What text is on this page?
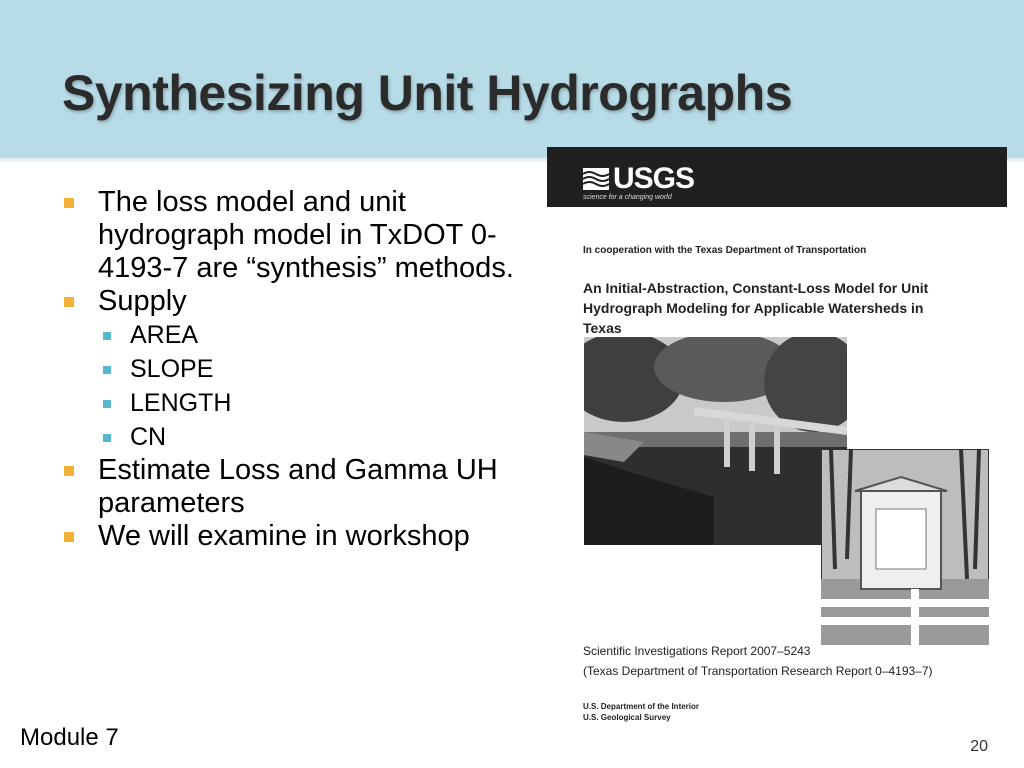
Synthesizing Unit Hydrographs
The loss model and unit hydrograph model in TxDOT 0-4193-7 are “synthesis” methods.
Supply
AREA
SLOPE
LENGTH
CN
Estimate Loss and Gamma UH parameters
We will examine in workshop
USGS
science for a changing world
In cooperation with the Texas Department of Transportation
An Initial-Abstraction, Constant-Loss Model for Unit Hydrograph Modeling for Applicable Watersheds in Texas
Scientific Investigations Report 2007–5243
(Texas Department of Transportation Research Report 0–4193–7)
U.S. Department of the Interior
U.S. Geological Survey
Module 7	20
